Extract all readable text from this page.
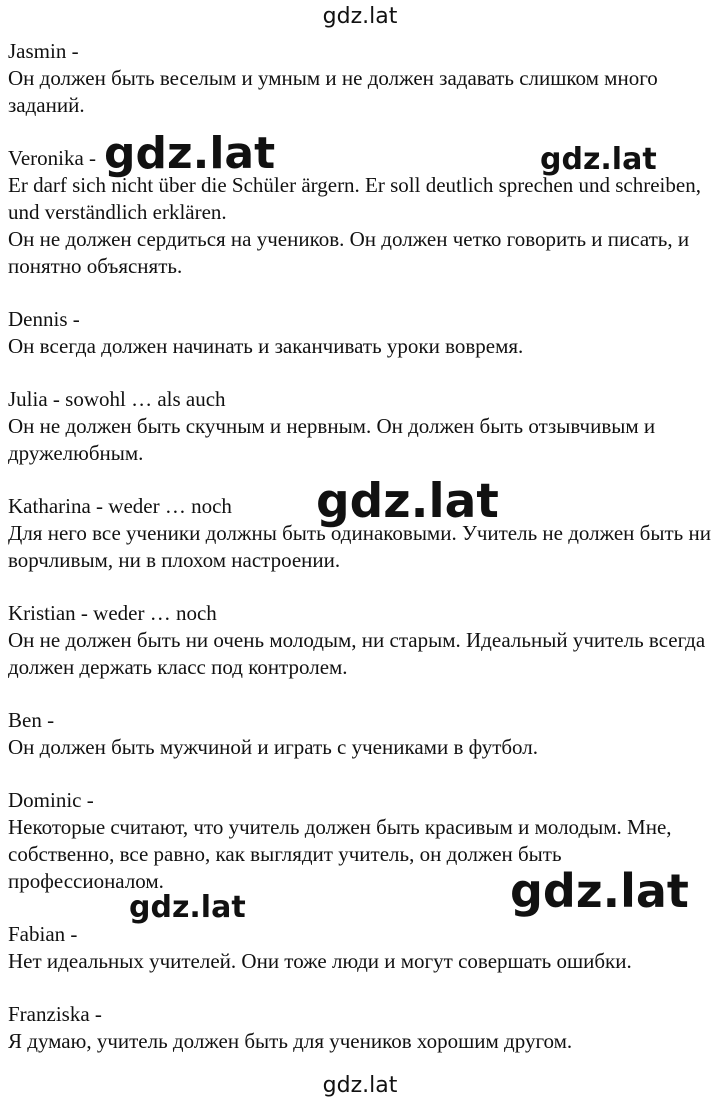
gdz.lat
Jasmin -

Он должен быть веселым и умным и не должен задавать слишком много заданий.

Veronika -

Er darf sich nicht über die Schüler ärgern. Er soll deutlich sprechen und schreiben, und verständlich erklären.

Он не должен сердиться на учеников. Он должен четко говорить и писать, и понятно объяснять.

Dennis -

Он всегда должен начинать и заканчивать уроки вовремя.

Julia - sowohl … als auch

Он не должен быть скучным и нервным. Он должен быть отзывчивым и дружелюбным.

Katharina - weder … noch

Для него все ученики должны быть одинаковыми. Учитель не должен быть ни ворчливым, ни в плохом настроении.

Kristian - weder … noch

Он не должен быть ни очень молодым, ни старым. Идеальный учитель всегда должен держать класс под контролем.

Ben -

Он должен быть мужчиной и играть с учениками в футбол.

Dominic -

Некоторые считают, что учитель должен быть красивым и молодым. Мне, собственно, все равно, как выглядит учитель, он должен быть профессионалом.

Fabian -

Нет идеальных учителей. Они тоже люди и могут совершать ошибки.

Franziska -

Я думаю, учитель должен быть для учеников хорошим другом.

gdz.lat	gdz.lat
gdz.lat
gdz.lat
gdz.lat
gdz.lat
